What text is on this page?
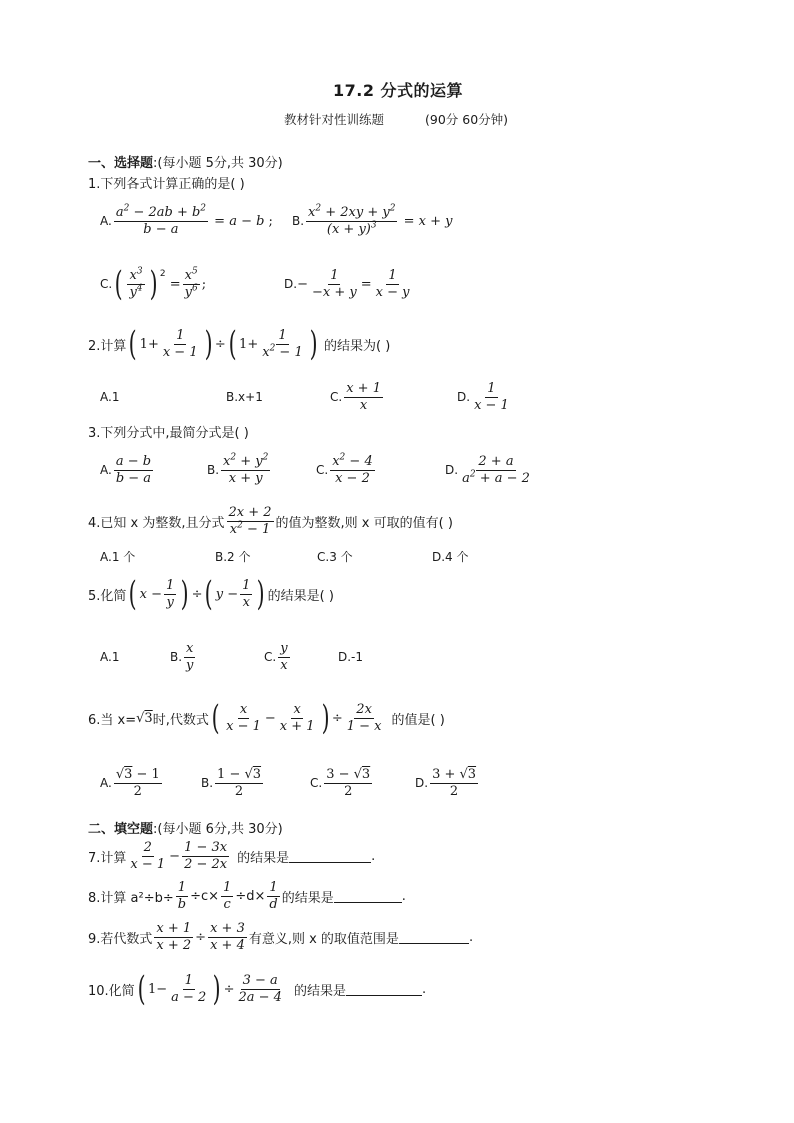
17.2 分式的运算
教材针对性训练题	(90分 60分钟)
一、选择题:(每小题 5分,共 30分)
1.下列各式计算正确的是( )
A. $\frac{a^2 - 2ab + b^2}{b - a} = a - b$ ; B. $\frac{x^2 + 2xy + y^2}{(x + y)^3} = x + y$
C. ( $\frac{x^3}{y^4}$ ) $^2$
= $\frac{x^5}{y^6}$ ;	D. − $\frac{1}{-x + y} = \frac{1}{x - y}$
2.计算 ( $1+ \frac{1}{x - 1}$ ) ÷ ( $1+ \frac{1}{x^2 - 1}$ ) 的结果为( )
A.1	B.x+1	C. $\frac{x + 1}{x}$	D. $\frac{1}{x - 1}$
3.下列分式中,最简分式是( )
A. $\frac{a - b}{b - a}$	B. $\frac{x^2 + y^2}{x + y}$	C. $\frac{x^2 - 4}{x - 2}$	D. $\frac{2 + a}{a^2 + a - 2}$
4.已知 x 为整数,且分式 $\frac{2x + 2}{x^2 - 1}$ 的值为整数,则 x 可取的值有( )
A.1 个	B.2 个	C.3 个	D.4 个
5.化简 ( $x - \frac{1}{y}$ ) ÷ ( $y - \frac{1}{x}$ ) 的结果是( )
A.1	B. $\frac{x}{y}$	C. $\frac{y}{x}$	D.-1
6.当 x= √3 时,代数式 ( $\frac{x}{x - 1} - \frac{x}{x + 1}$ ) ÷ $\frac{2x}{1 - x}$ 的值是( )
A. $\frac{√3 - 1}{2}$	B. $\frac{1 - √3}{2}$	C. $\frac{3 - √3}{2}$	D. $\frac{3 + √3}{2}$
二、填空题:(每小题 6分,共 30分)
7.计算 $\frac{2}{x - 1} - \frac{1 - 3x}{2 - 2x}$ 的结果是	.
8.计算 $a^2\div b\div \frac{1}{b} \div c\times \frac{1}{c} \div d\times \frac{1}{d}$ 的结果是	.
9.若代数式 $\frac{x + 1}{x + 2} \div \frac{x + 3}{x + 4}$ 有意义,则 x 的取值范围是	.
10.化简 ( $1- \frac{1}{a - 2}$ ) ÷ $\frac{3 - a}{2a - 4}$ 的结果是	.
